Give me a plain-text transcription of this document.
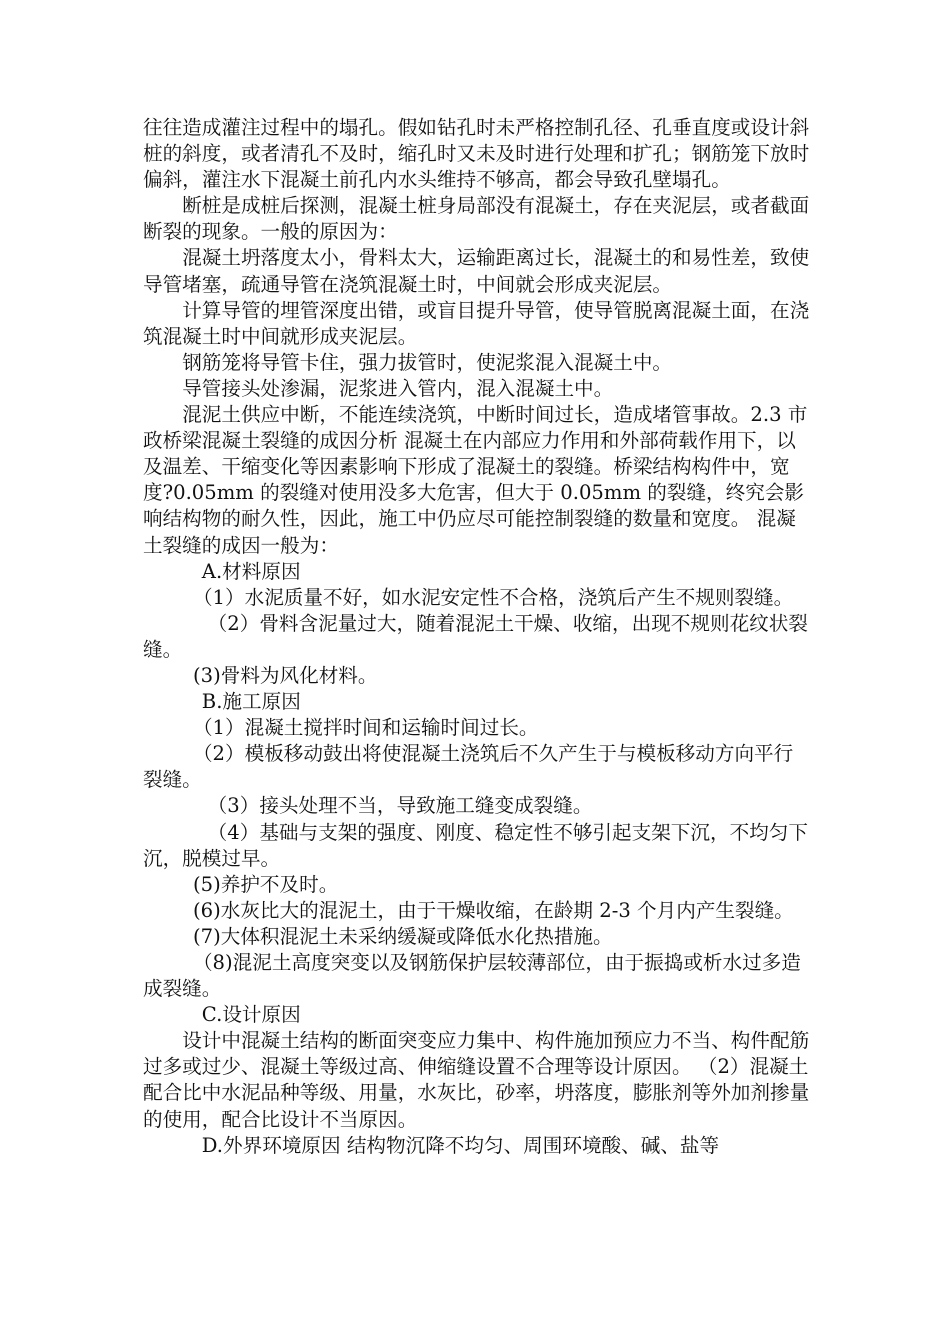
往往造成灌注过程中的塌孔。假如钻孔时未严格控制孔径、孔垂直度或设计斜桩的斜度，或者清孔不及时，缩孔时又未及时进行处理和扩孔；钢筋笼下放时偏斜，灌注水下混凝土前孔内水头维持不够高，都会导致孔壁塌孔。

断桩是成桩后探测，混凝土桩身局部没有混凝土，存在夹泥层，或者截面断裂的现象。一般的原因为：

混凝土坍落度太小，骨料太大，运输距离过长，混凝土的和易性差，致使导管堵塞，疏通导管在浇筑混凝土时，中间就会形成夹泥层。

计算导管的埋管深度出错，或盲目提升导管，使导管脱离混凝土面，在浇筑混凝土时中间就形成夹泥层。

钢筋笼将导管卡住，强力拔管时，使泥浆混入混凝土中。

导管接头处渗漏，泥浆进入管内，混入混凝土中。

混泥土供应中断，不能连续浇筑，中断时间过长，造成堵管事故。2.3 市政桥梁混凝土裂缝的成因分析 混凝土在内部应力作用和外部荷载作用下，以及温差、干缩变化等因素影响下形成了混凝土的裂缝。桥梁结构构件中，宽度?0.05mm 的裂缝对使用没多大危害，但大于 0.05mm 的裂缝，终究会影响结构物的耐久性，因此，施工中仍应尽可能控制裂缝的数量和宽度。 混凝土裂缝的成因一般为：

A.材料原因

（1）水泥质量不好，如水泥安定性不合格，浇筑后产生不规则裂缝。

（2）骨料含泥量过大，随着混泥土干燥、收缩，出现不规则花纹状裂缝。

(3)骨料为风化材料。

B.施工原因

（1）混凝土搅拌时间和运输时间过长。

（2）模板移动鼓出将使混凝土浇筑后不久产生于与模板移动方向平行裂缝。

（3）接头处理不当，导致施工缝变成裂缝。

（4）基础与支架的强度、刚度、稳定性不够引起支架下沉，不均匀下沉，脱模过早。

(5)养护不及时。

(6)水灰比大的混泥土，由于干燥收缩，在龄期 2-3 个月内产生裂缝。

(7)大体积混泥土未采纳缓凝或降低水化热措施。

（8)混泥土高度突变以及钢筋保护层较薄部位，由于振捣或析水过多造成裂缝。

C.设计原因

设计中混凝土结构的断面突变应力集中、构件施加预应力不当、构件配筋过多或过少、混凝土等级过高、伸缩缝设置不合理等设计原因。 （2）混凝土配合比中水泥品种等级、用量，水灰比，砂率，坍落度，膨胀剂等外加剂掺量的使用，配合比设计不当原因。

D.外界环境原因 结构物沉降不均匀、周围环境酸、碱、盐等
